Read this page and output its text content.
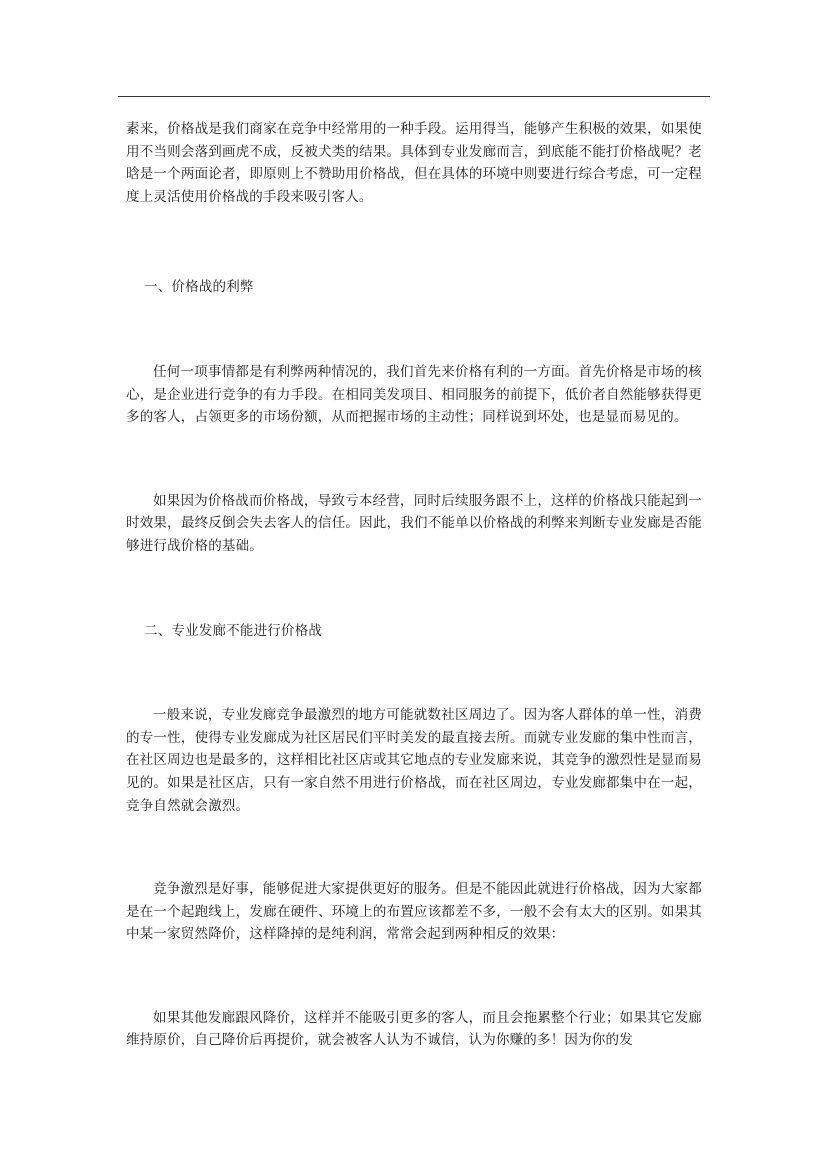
素来，价格战是我们商家在竞争中经常用的一种手段。运用得当，能够产生积极的效果，如果使用不当则会落到画虎不成，反被犬类的结果。具体到专业发廊而言，到底能不能打价格战呢？老晗是一个两面论者，即原则上不赞助用价格战，但在具体的环境中则要进行综合考虑，可一定程度上灵活使用价格战的手段来吸引客人。

一、价格战的利弊

任何一项事情都是有利弊两种情况的，我们首先来价格有利的一方面。首先价格是市场的核心，是企业进行竞争的有力手段。在相同美发项目、相同服务的前提下，低价者自然能够获得更多的客人，占领更多的市场份额，从而把握市场的主动性；同样说到坏处，也是显而易见的。

如果因为价格战而价格战，导致亏本经营，同时后续服务跟不上，这样的价格战只能起到一时效果，最终反倒会失去客人的信任。因此，我们不能单以价格战的利弊来判断专业发廊是否能够进行战价格的基础。

二、专业发廊不能进行价格战

一般来说，专业发廊竞争最激烈的地方可能就数社区周边了。因为客人群体的单一性，消费的专一性，使得专业发廊成为社区居民们平时美发的最直接去所。而就专业发廊的集中性而言，在社区周边也是最多的，这样相比社区店或其它地点的专业发廊来说，其竞争的激烈性是显而易见的。如果是社区店，只有一家自然不用进行价格战，而在社区周边，专业发廊都集中在一起，竞争自然就会激烈。

竞争激烈是好事，能够促进大家提供更好的服务。但是不能因此就进行价格战，因为大家都是在一个起跑线上，发廊在硬件、环境上的布置应该都差不多，一般不会有太大的区别。如果其中某一家贸然降价，这样降掉的是纯利润，常常会起到两种相反的效果：

如果其他发廊跟风降价，这样并不能吸引更多的客人，而且会拖累整个行业；如果其它发廊维持原价，自己降价后再提价，就会被客人认为不诚信，认为你赚的多！因为你的发
